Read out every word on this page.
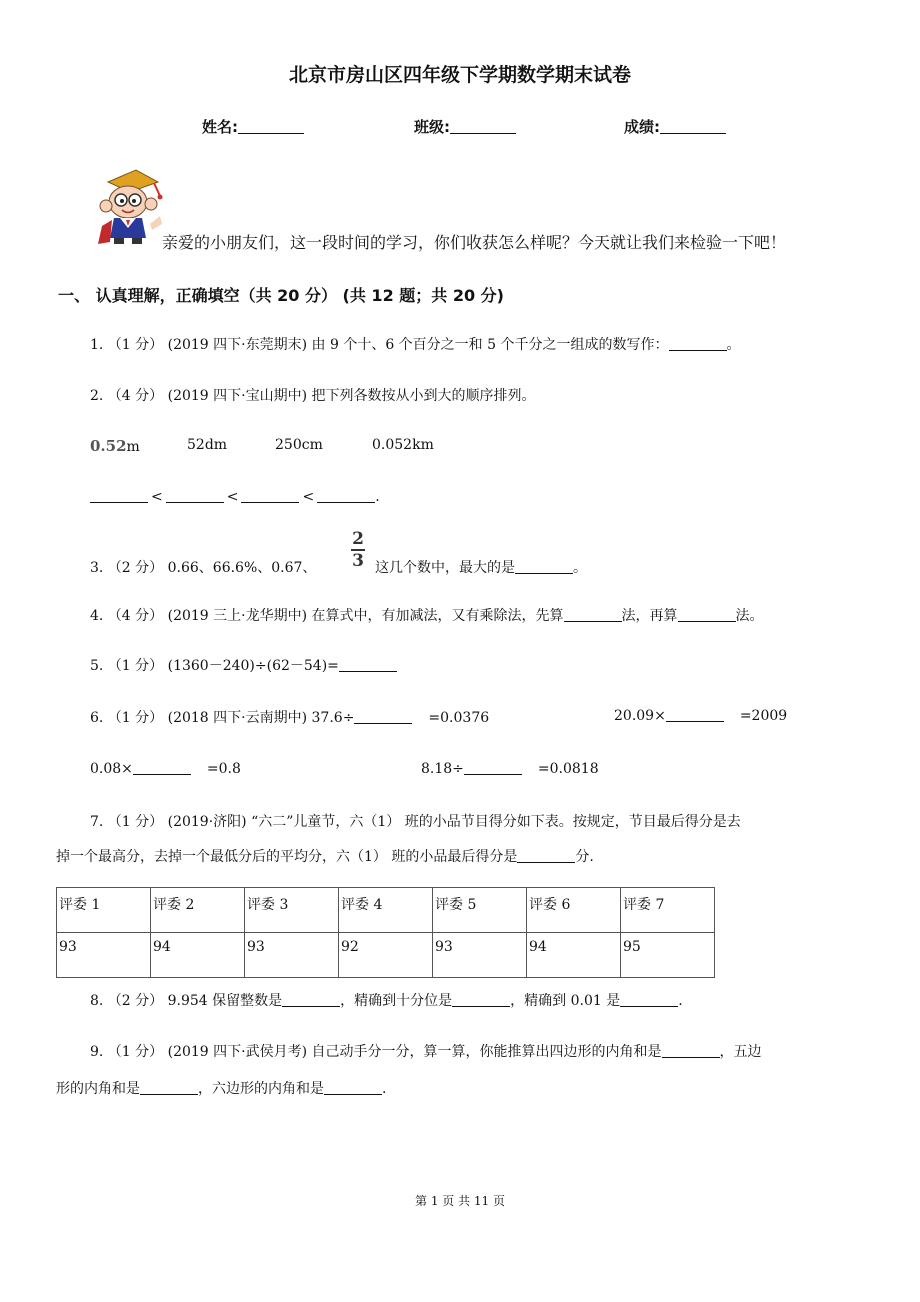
北京市房山区四年级下学期数学期末试卷
姓名:	班级:	成绩:
亲爱的小朋友们，这一段时间的学习，你们收获怎么样呢？今天就让我们来检验一下吧！
一、 认真理解，正确填空（共 20 分） (共 12 题；共 20 分)
1. （1 分） (2019 四下·东莞期末) 由 9 个十、6 个百分之一和 5 个千分之一组成的数写作：	。
2. （4 分） (2019 四下·宝山期中) 把下列各数按从小到大的顺序排列。
0.52m	52dm	250cm	0.052km
<	<	<	.
3. （2 分） 0.66、66.6%、0.67、
2
3 这几个数中，最大的是	。
4. （4 分） (2019 三上·龙华期中) 在算式中，有加减法，又有乘除法，先算	法，再算	法。
5. （1 分） (1360－240)÷(62－54)=
6. （1 分） (2018 四下·云南期中) 37.6÷	=0.0376	20.09×	=2009
0.08×	=0.8	8.18÷	=0.0818
7. （1 分） (2019·济阳) “六二”儿童节，六（1） 班的小品节目得分如下表。按规定，节目最后得分是去
掉一个最高分，去掉一个最低分后的平均分，六（1） 班的小品最后得分是	分.
评委 1	评委 2	评委 3	评委 4	评委 5	评委 6	评委 7
93	94	93	92	93	94	95
8. （2 分） 9.954 保留整数是	，精确到十分位是	，精确到 0.01 是	.
9. （1 分） (2019 四下·武侯月考) 自己动手分一分，算一算，你能推算出四边形的内角和是	，五边
形的内角和是	，六边形的内角和是	.
第 1 页 共 11 页
